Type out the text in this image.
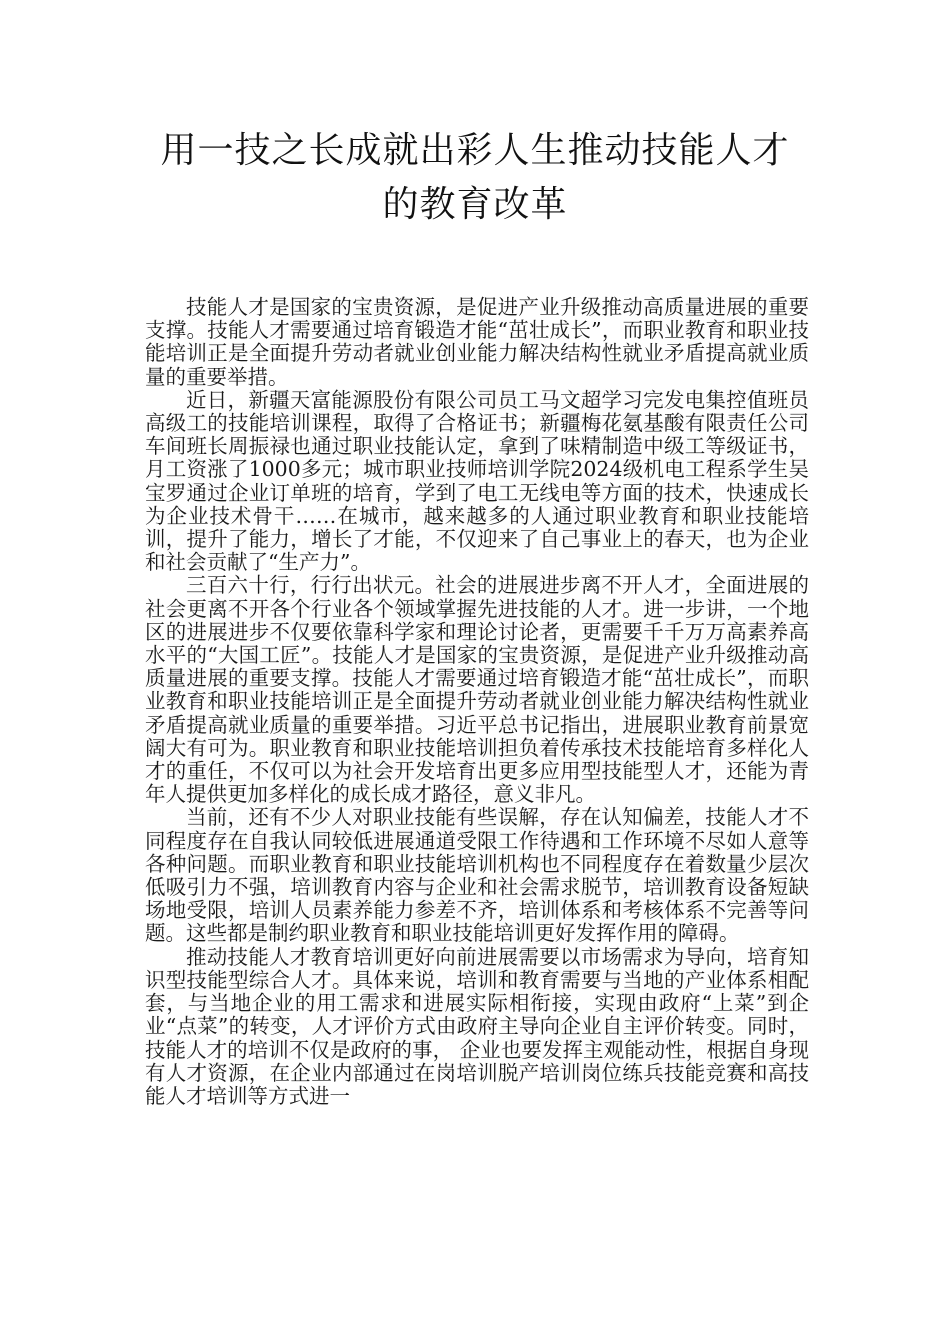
用一技之长成就出彩人生推动技能人才
的教育改革

技能人才是国家的宝贵资源，是促进产业升级推动高质量进展的重要支撑。技能人才需要通过培育锻造才能“茁壮成长”，而职业教育和职业技能培训正是全面提升劳动者就业创业能力解决结构性就业矛盾提高就业质量的重要举措。

近日，新疆天富能源股份有限公司员工马文超学习完发电集控值班员高级工的技能培训课程，取得了合格证书；新疆梅花氨基酸有限责任公司车间班长周振禄也通过职业技能认定，拿到了味精制造中级工等级证书，月工资涨了1000多元；城市职业技师培训学院2024级机电工程系学生吴宝罗通过企业订单班的培育，学到了电工无线电等方面的技术，快速成长为企业技术骨干……在城市，越来越多的人通过职业教育和职业技能培训，提升了能力，增长了才能，不仅迎来了自己事业上的春天，也为企业和社会贡献了“生产力”。

三百六十行，行行出状元。社会的进展进步离不开人才，全面进展的社会更离不开各个行业各个领域掌握先进技能的人才。进一步讲，一个地区的进展进步不仅要依靠科学家和理论讨论者，更需要千千万万高素养高水平的“大国工匠”。技能人才是国家的宝贵资源，是促进产业升级推动高质量进展的重要支撑。技能人才需要通过培育锻造才能“茁壮成长”，而职业教育和职业技能培训正是全面提升劳动者就业创业能力解决结构性就业矛盾提高就业质量的重要举措。习近平总书记指出，进展职业教育前景宽阔大有可为。职业教育和职业技能培训担负着传承技术技能培育多样化人才的重任，不仅可以为社会开发培育出更多应用型技能型人才，还能为青年人提供更加多样化的成长成才路径，意义非凡。

当前，还有不少人对职业技能有些误解，存在认知偏差，技能人才不同程度存在自我认同较低进展通道受限工作待遇和工作环境不尽如人意等各种问题。而职业教育和职业技能培训机构也不同程度存在着数量少层次低吸引力不强，培训教育内容与企业和社会需求脱节，培训教育设备短缺场地受限，培训人员素养能力参差不齐，培训体系和考核体系不完善等问题。这些都是制约职业教育和职业技能培训更好发挥作用的障碍。

推动技能人才教育培训更好向前进展需要以市场需求为导向，培育知识型技能型综合人才。具体来说，培训和教育需要与当地的产业体系相配套，与当地企业的用工需求和进展实际相衔接，实现由政府“上菜”到企业“点菜”的转变，人才评价方式由政府主导向企业自主评价转变。同时，技能人才的培训不仅是政府的事， 企业也要发挥主观能动性，根据自身现有人才资源，在企业内部通过在岗培训脱产培训岗位练兵技能竞赛和高技能人才培训等方式进一
